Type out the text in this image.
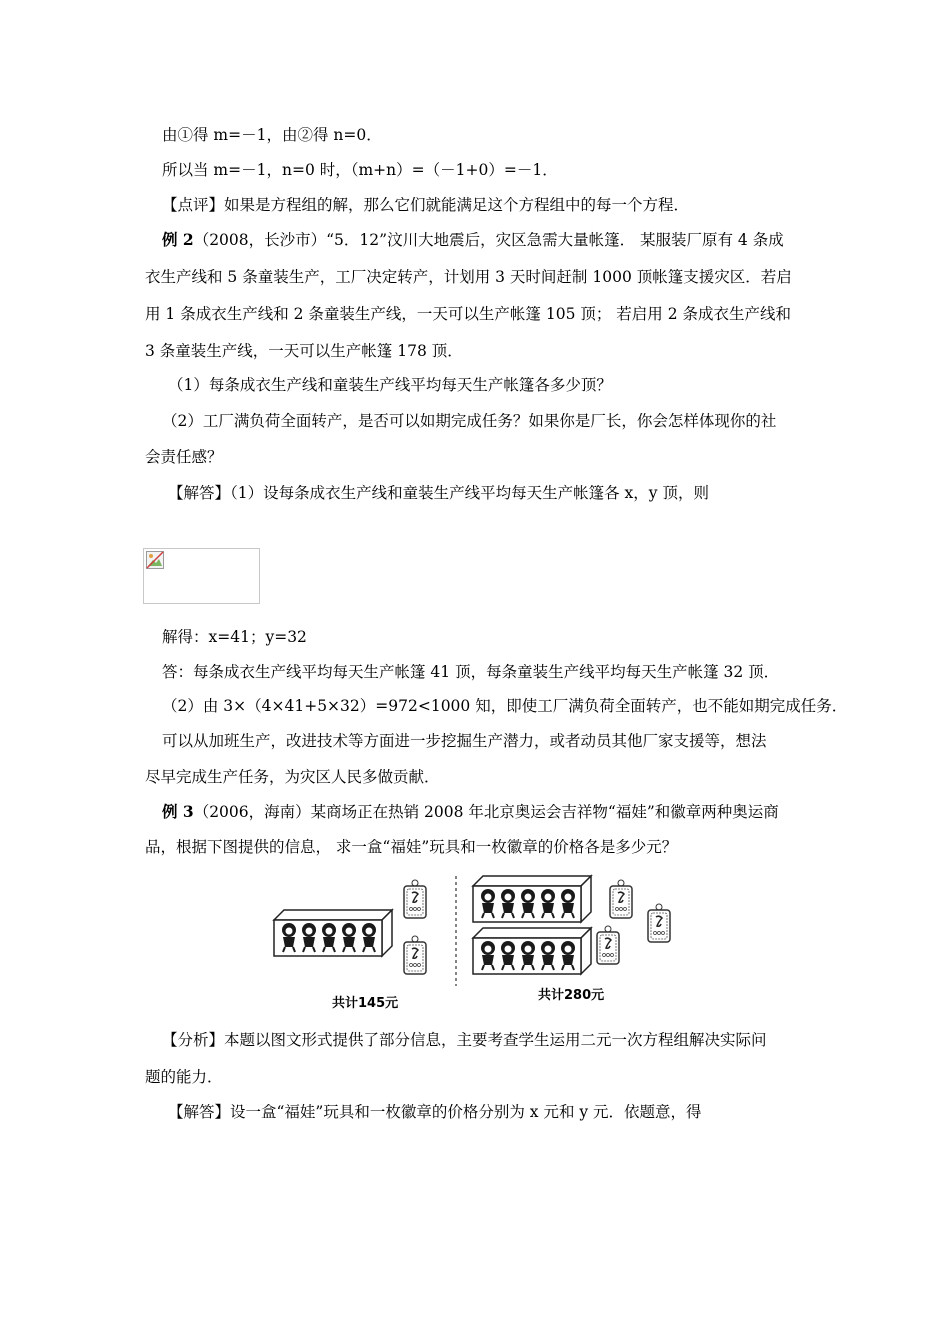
由①得 m=－1，由②得 n=0．
所以当 m=－1，n=0 时，（m+n）=（－1+0）=－1．
【点评】如果是方程组的解，那么它们就能满足这个方程组中的每一个方程．
例 2（2008，长沙市）“5．12”汶川大地震后，灾区急需大量帐篷． 某服装厂原有 4 条成
衣生产线和 5 条童装生产，工厂决定转产，计划用 3 天时间赶制 1000 顶帐篷支援灾区．若启
用 1 条成衣生产线和 2 条童装生产线，一天可以生产帐篷 105 顶； 若启用 2 条成衣生产线和
3 条童装生产线，一天可以生产帐篷 178 顶．
（1）每条成衣生产线和童装生产线平均每天生产帐篷各多少顶？
（2）工厂满负荷全面转产，是否可以如期完成任务？如果你是厂长，你会怎样体现你的社
会责任感？
【解答】（1）设每条成衣生产线和童装生产线平均每天生产帐篷各 x，y 顶，则
解得：x=41；y=32
答：每条成衣生产线平均每天生产帐篷 41 顶，每条童装生产线平均每天生产帐篷 32 顶．
（2）由 3×（4×41+5×32）=972<1000 知，即使工厂满负荷全面转产，也不能如期完成任务．
可以从加班生产，改进技术等方面进一步挖掘生产潜力，或者动员其他厂家支援等，想法
尽早完成生产任务，为灾区人民多做贡献．
例 3（2006，海南）某商场正在热销 2008 年北京奥运会吉祥物“福娃”和徽章两种奥运商
品，根据下图提供的信息， 求一盒“福娃”玩具和一枚徽章的价格各是多少元？
共计145元
共计280元
【分析】本题以图文形式提供了部分信息，主要考查学生运用二元一次方程组解决实际问
题的能力．
【解答】设一盒“福娃”玩具和一枚徽章的价格分别为 x 元和 y 元．依题意，得
